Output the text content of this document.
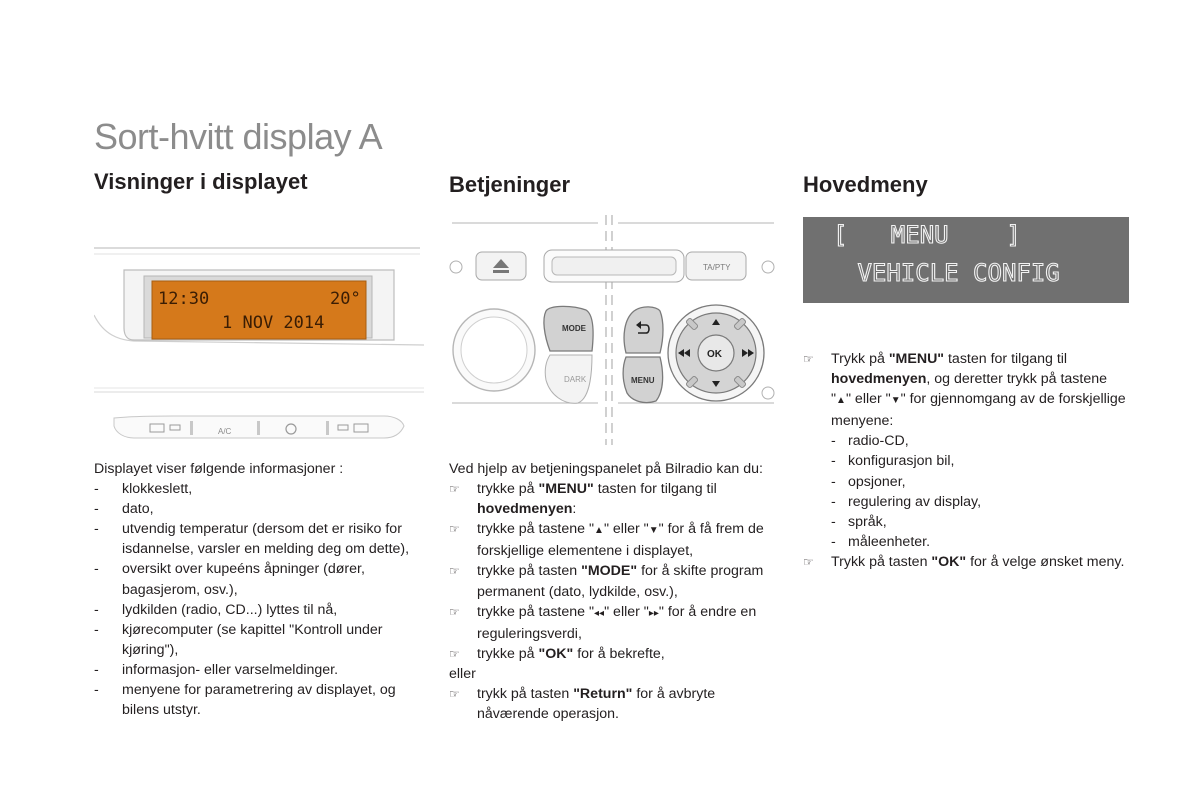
Sort-hvitt display A
Visninger i displayet
12:30	20°
1 NOV 2014
A/C

Displayet viser følgende informasjoner :

- klokkeslett,
- dato,
- utvendig temperatur (dersom det er risiko for isdannelse, varsler en melding deg om dette),
- oversikt over kupeéns åpninger (dører, bagasjerom, osv.),
- lydkilden (radio, CD...) lyttes til nå,
- kjørecomputer (se kapittel "Kontroll under kjøring"),
- informasjon- eller varselmeldinger.
- menyene for parametrering av displayet, og bilens utstyr.
Betjeninger
TA/PTY
MODE
DARK	MENU
OK

Ved hjelp av betjeningspanelet på Bilradio kan du:

☞ trykke på "MENU" tasten for tilgang til hovedmenyen:
☞ trykke på tastene "▲" eller "▼" for å få frem de forskjellige elementene i displayet,
☞ trykke på tasten "MODE" for å skifte program permanent (dato, lydkilde, osv.),
☞ trykke på tastene "◂◂" eller "▸▸" for å endre en reguleringsverdi,
☞ trykke på "OK" for å bekrefte,
eller
☞ trykk på tasten "Return" for å avbryte nåværende operasjon.
Hovedmeny
[   MENU    ]
VEHICLE CONFIG
☞ Trykk på "MENU" tasten for tilgang til hovedmenyen, og deretter trykk på tastene "▲" eller "▼" for gjennomgang av de forskjellige menyene:
- radio-CD,
- konfigurasjon bil,
- opsjoner,
- regulering av display,
- språk,
- måleenheter.
☞ Trykk på tasten "OK" for å velge ønsket meny.
